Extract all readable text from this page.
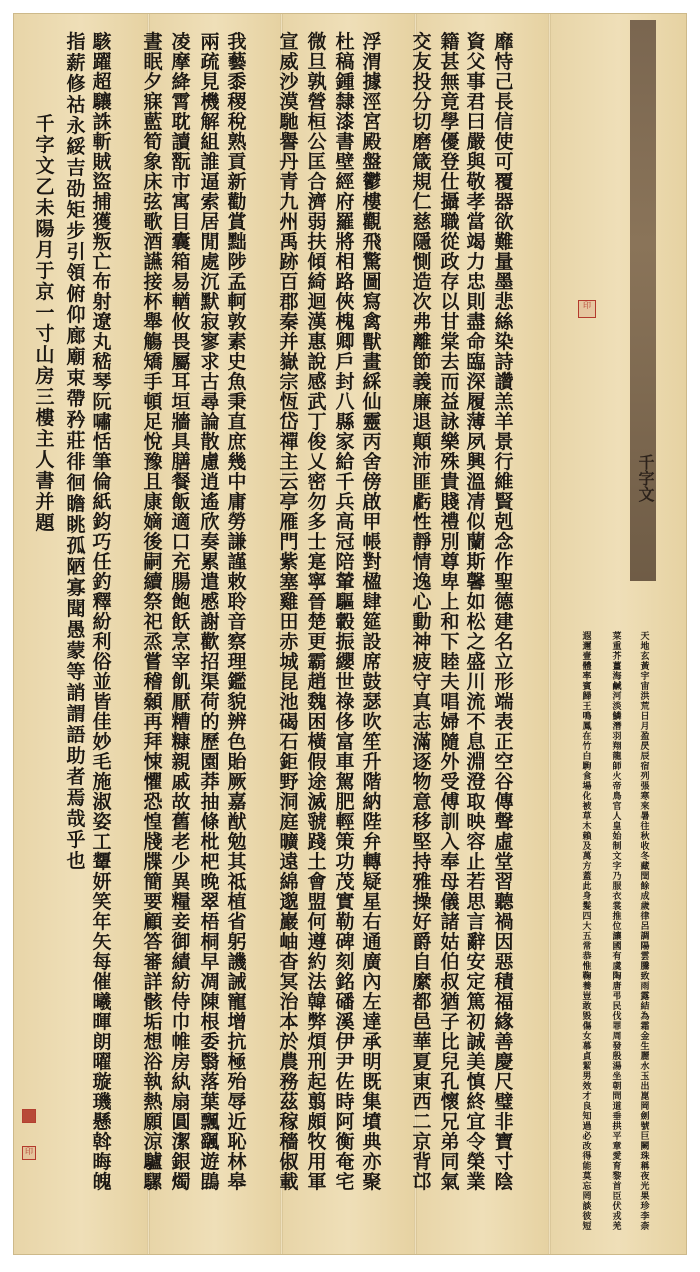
千字文
印
印
天
地
玄
黃
宇
宙
洪
荒
日
月
盈
昃
辰
宿
列
張
寒
來
暑
往
秋
收
冬
藏
閏
餘
成
歲
律
呂
調
陽
雲
騰
致
雨
露
結
為
霜
金
生
麗
水
玉
出
崑
岡
劍
號
巨
闕
珠
稱
夜
光
果
珍
李
柰
菜
重
芥
薑
海
鹹
河
淡
鱗
潛
羽
翔
龍
師
火
帝
鳥
官
人
皇
始
制
文
字
乃
服
衣
裳
推
位
讓
國
有
虞
陶
唐
弔
民
伐
罪
周
發
殷
湯
坐
朝
問
道
垂
拱
平
章
愛
育
黎
首
臣
伏
戎
羌
遐
邇
壹
體
率
賓
歸
王
鳴
鳳
在
竹
白
駒
食
場
化
被
草
木
賴
及
萬
方
蓋
此
身
髮
四
大
五
常
恭
惟
鞠
養
豈
敢
毀
傷
女
慕
貞
絜
男
效
才
良
知
過
必
改
得
能
莫
忘
罔
談
彼
短
靡
恃
己
長
信
使
可
覆
器
欲
難
量
墨
悲
絲
染
詩
讚
羔
羊
景
行
維
賢
剋
念
作
聖
德
建
名
立
形
端
表
正
空
谷
傳
聲
虛
堂
習
聽
禍
因
惡
積
福
緣
善
慶
尺
璧
非
寶
寸
陰
資
父
事
君
曰
嚴
與
敬
孝
當
竭
力
忠
則
盡
命
臨
深
履
薄
夙
興
溫
凊
似
蘭
斯
馨
如
松
之
盛
川
流
不
息
淵
澄
取
映
容
止
若
思
言
辭
安
定
篤
初
誠
美
慎
終
宜
令
榮
業
籍
甚
無
竟
學
優
登
仕
攝
職
從
政
存
以
甘
棠
去
而
益
詠
樂
殊
貴
賤
禮
別
尊
卑
上
和
下
睦
夫
唱
婦
隨
外
受
傅
訓
入
奉
母
儀
諸
姑
伯
叔
猶
子
比
兒
孔
懷
兄
弟
同
氣
交
友
投
分
切
磨
箴
規
仁
慈
隱
惻
造
次
弗
離
節
義
廉
退
顛
沛
匪
虧
性
靜
情
逸
心
動
神
疲
守
真
志
滿
逐
物
意
移
堅
持
雅
操
好
爵
自
縻
都
邑
華
夏
東
西
二
京
背
邙
浮
渭
據
涇
宮
殿
盤
鬱
樓
觀
飛
驚
圖
寫
禽
獸
畫
綵
仙
靈
丙
舍
傍
啟
甲
帳
對
楹
肆
筵
設
席
鼓
瑟
吹
笙
升
階
納
陛
弁
轉
疑
星
右
通
廣
內
左
達
承
明
既
集
墳
典
亦
聚
杜
稿
鍾
隸
漆
書
壁
經
府
羅
將
相
路
俠
槐
卿
戶
封
八
縣
家
給
千
兵
高
冠
陪
輦
驅
轂
振
纓
世
祿
侈
富
車
駕
肥
輕
策
功
茂
實
勒
碑
刻
銘
磻
溪
伊
尹
佐
時
阿
衡
奄
宅
微
旦
孰
營
桓
公
匡
合
濟
弱
扶
傾
綺
迴
漢
惠
說
感
武
丁
俊
乂
密
勿
多
士
寔
寧
晉
楚
更
霸
趙
魏
困
橫
假
途
滅
虢
踐
土
會
盟
何
遵
約
法
韓
弊
煩
刑
起
翦
頗
牧
用
軍
宣
威
沙
漠
馳
譽
丹
青
九
州
禹
跡
百
郡
秦
并
嶽
宗
恆
岱
禪
主
云
亭
雁
門
紫
塞
雞
田
赤
城
昆
池
碣
石
鉅
野
洞
庭
曠
遠
綿
邈
巖
岫
杳
冥
治
本
於
農
務
茲
稼
穡
俶
載
我
藝
黍
稷
稅
熟
貢
新
勸
賞
黜
陟
孟
軻
敦
素
史
魚
秉
直
庶
幾
中
庸
勞
謙
謹
敕
聆
音
察
理
鑑
貌
辨
色
貽
厥
嘉
猷
勉
其
祗
植
省
躬
譏
誡
寵
增
抗
極
殆
辱
近
恥
林
皋
兩
疏
見
機
解
組
誰
逼
索
居
閒
處
沉
默
寂
寥
求
古
尋
論
散
慮
逍
遙
欣
奏
累
遣
慼
謝
歡
招
渠
荷
的
歷
園
莽
抽
條
枇
杷
晚
翠
梧
桐
早
凋
陳
根
委
翳
落
葉
飄
颻
遊
鵾
凌
摩
絳
霄
耽
讀
翫
市
寓
目
囊
箱
易
輶
攸
畏
屬
耳
垣
牆
具
膳
餐
飯
適
口
充
腸
飽
飫
烹
宰
飢
厭
糟
糠
親
戚
故
舊
老
少
異
糧
妾
御
績
紡
侍
巾
帷
房
紈
扇
圓
潔
銀
燭
晝
眠
夕
寐
藍
筍
象
床
弦
歌
酒
讌
接
杯
舉
觴
矯
手
頓
足
悅
豫
且
康
嫡
後
嗣
續
祭
祀
烝
嘗
稽
顙
再
拜
悚
懼
恐
惶
牋
牒
簡
要
顧
答
審
詳
骸
垢
想
浴
執
熱
願
涼
驢
騾
駭
躍
超
驤
誅
斬
賊
盜
捕
獲
叛
亡
布
射
遼
丸
嵇
琴
阮
嘯
恬
筆
倫
紙
鈞
巧
任
釣
釋
紛
利
俗
並
皆
佳
妙
毛
施
淑
姿
工
顰
妍
笑
年
矢
每
催
曦
暉
朗
曜
璇
璣
懸
斡
晦
魄
指
薪
修
祜
永
綏
吉
劭
矩
步
引
領
俯
仰
廊
廟
束
帶
矜
莊
徘
徊
瞻
眺
孤
陋
寡
聞
愚
蒙
等
誚
謂
語
助
者
焉
哉
乎
也
千
字
文
乙
未
陽
月
于
京
一
寸
山
房
三
樓
主
人
書
并
題
